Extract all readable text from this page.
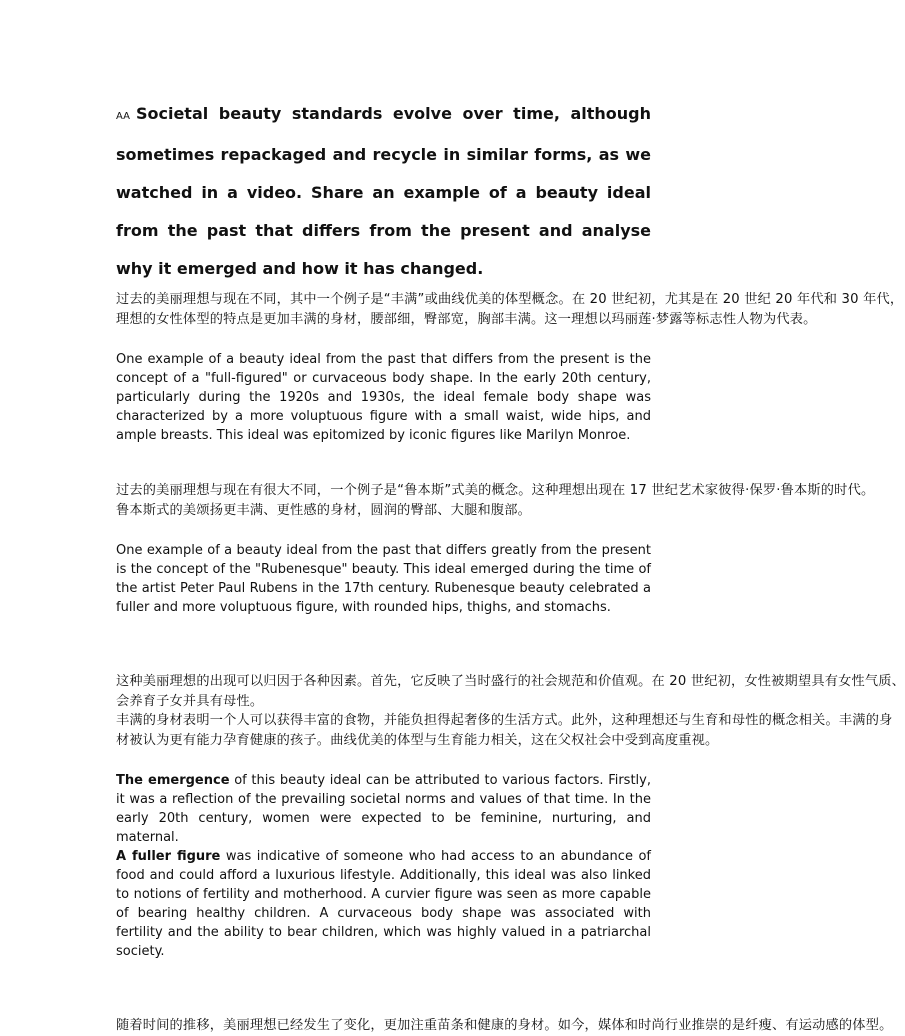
AA Societal beauty standards evolve over time, although sometimes repackaged and recycle in similar forms, as we watched in a video. Share an example of a beauty ideal from the past that differs from the present and analyse why it emerged and how it has changed.

过去的美丽理想与现在不同，其中一个例子是“丰满”或曲线优美的体型概念。在 20 世纪初，尤其是在 20 世纪 20 年代和 30 年代，
理想的女性体型的特点是更加丰满的身材，腰部细，臀部宽，胸部丰满。这一理想以玛丽莲·梦露等标志性人物为代表。

One example of a beauty ideal from the past that differs from the present is the concept of a "full-figured" or curvaceous body shape. In the early 20th century, particularly during the 1920s and 1930s, the ideal female body shape was characterized by a more voluptuous figure with a small waist, wide hips, and ample breasts. This ideal was epitomized by iconic figures like Marilyn Monroe.

过去的美丽理想与现在有很大不同，一个例子是“鲁本斯”式美的概念。这种理想出现在 17 世纪艺术家彼得·保罗·鲁本斯的时代。
鲁本斯式的美颂扬更丰满、更性感的身材，圆润的臀部、大腿和腹部。

One example of a beauty ideal from the past that differs greatly from the present is the concept of the "Rubenesque" beauty. This ideal emerged during the time of the artist Peter Paul Rubens in the 17th century. Rubenesque beauty celebrated a fuller and more voluptuous figure, with rounded hips, thighs, and stomachs.

这种美丽理想的出现可以归因于各种因素。首先，它反映了当时盛行的社会规范和价值观。在 20 世纪初，女性被期望具有女性气质、
会养育子女并具有母性。
丰满的身材表明一个人可以获得丰富的食物，并能负担得起奢侈的生活方式。此外，这种理想还与生育和母性的概念相关。丰满的身
材被认为更有能力孕育健康的孩子。曲线优美的体型与生育能力相关，这在父权社会中受到高度重视。

The emergence of this beauty ideal can be attributed to various factors. Firstly, it was a reflection of the prevailing societal norms and values of that time. In the early 20th century, women were expected to be feminine, nurturing, and maternal.

A fuller figure was indicative of someone who had access to an abundance of food and could afford a luxurious lifestyle. Additionally, this ideal was also linked to notions of fertility and motherhood. A curvier figure was seen as more capable of bearing healthy children. A curvaceous body shape was associated with fertility and the ability to bear children, which was highly valued in a patriarchal society.

随着时间的推移，美丽理想已经发生了变化，更加注重苗条和健康的身材。如今，媒体和时尚行业推崇的是纤瘦、有运动感的体型。
